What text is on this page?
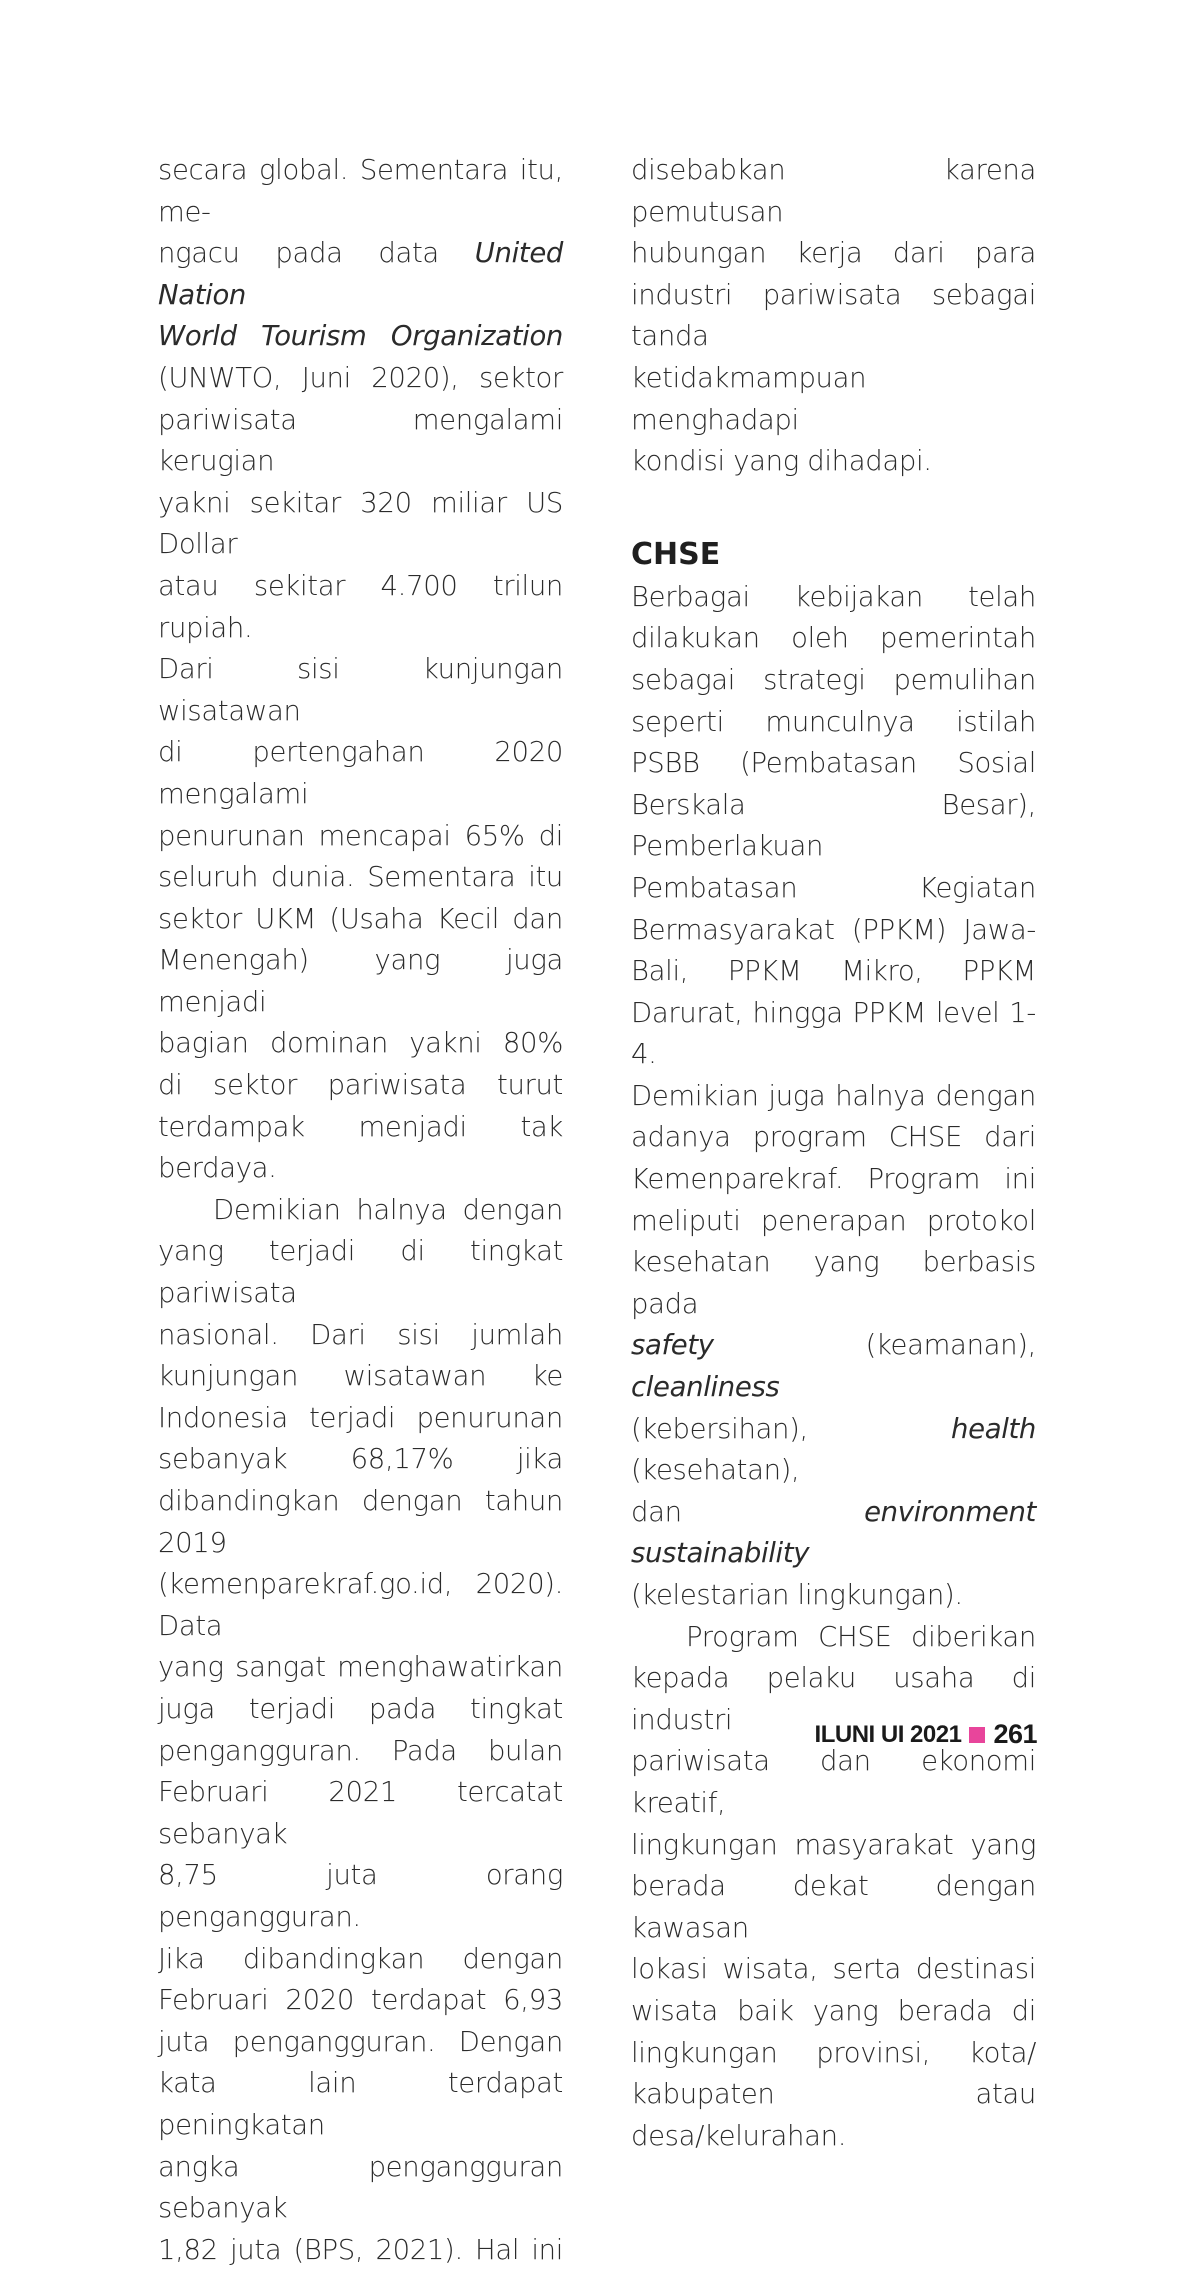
secara global. Sementara itu, me-
ngacu pada data United Nation
World Tourism Organization
(UNWTO, Juni 2020), sektor
pariwisata mengalami kerugian
yakni sekitar 320 miliar US Dollar
atau sekitar 4.700 trilun rupiah.
Dari sisi kunjungan wisatawan
di pertengahan 2020 mengalami
penurunan mencapai 65% di
seluruh dunia. Sementara itu
sektor UKM (Usaha Kecil dan
Menengah) yang juga menjadi
bagian dominan yakni 80%
di sektor pariwisata turut
terdampak menjadi tak berdaya.

Demikian halnya dengan
yang terjadi di tingkat pariwisata
nasional. Dari sisi jumlah
kunjungan wisatawan ke
Indonesia terjadi penurunan
sebanyak 68,17% jika
dibandingkan dengan tahun 2019
(kemenparekraf.go.id, 2020). Data
yang sangat menghawatirkan
juga terjadi pada tingkat
pengangguran. Pada bulan
Februari 2021 tercatat sebanyak
8,75 juta orang pengangguran.
Jika dibandingkan dengan
Februari 2020 terdapat 6,93
juta pengangguran. Dengan
kata lain terdapat peningkatan
angka pengangguran sebanyak
1,82 juta (BPS, 2021). Hal ini

disebabkan karena pemutusan
hubungan kerja dari para
industri pariwisata sebagai tanda
ketidakmampuan menghadapi
kondisi yang dihadapi.

CHSE

Berbagai kebijakan telah
dilakukan oleh pemerintah
sebagai strategi pemulihan
seperti munculnya istilah
PSBB (Pembatasan Sosial
Berskala Besar), Pemberlakuan
Pembatasan Kegiatan
Bermasyarakat (PPKM) Jawa-
Bali, PPKM Mikro, PPKM
Darurat, hingga PPKM level 1-4.
Demikian juga halnya dengan
adanya program CHSE dari
Kemenparekraf. Program ini
meliputi penerapan protokol
kesehatan yang berbasis pada
safety (keamanan), cleanliness
(kebersihan), health (kesehatan),
dan environment sustainability
(kelestarian lingkungan).

Program CHSE diberikan
kepada pelaku usaha di industri
pariwisata dan ekonomi kreatif,
lingkungan masyarakat yang
berada dekat dengan kawasan
lokasi wisata, serta destinasi
wisata baik yang berada di
lingkungan provinsi, kota/
kabupaten atau desa/kelurahan.

ILUNI UI 2021 261
